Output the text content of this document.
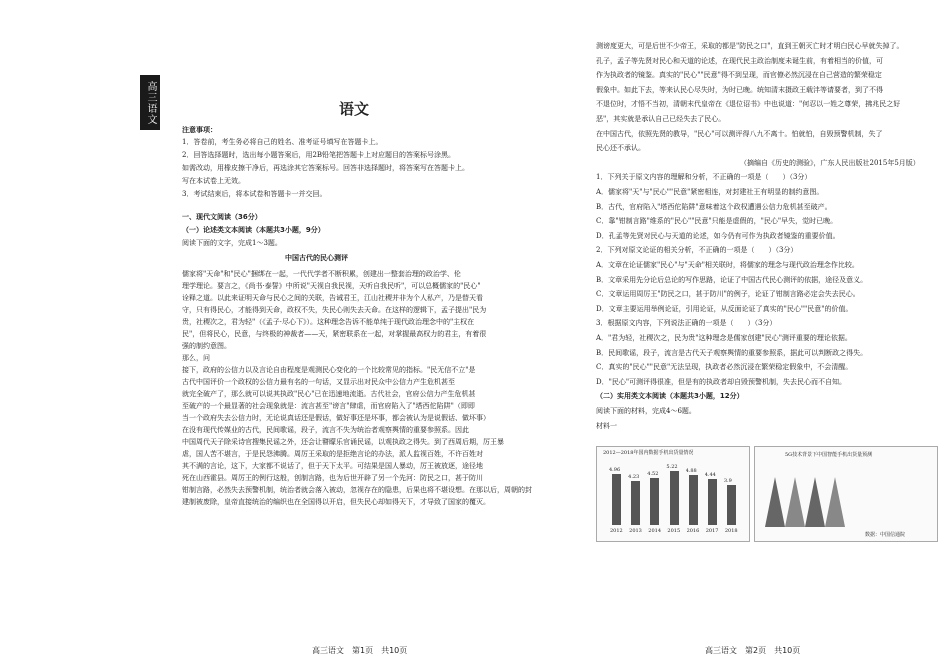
高三语文	语文
注意事项：
1．答卷前，考生务必将自己的姓名、准考证号填写在答题卡上。
2．回答选择题时，选出每小题答案后，用2B铅笔把答题卡上对应题目的答案标号涂黑。
如需改动，用橡皮擦干净后，再选涂其它答案标号。回答非选择题时，将答案写在答题卡上。
写在本试卷上无效。
3．考试结束后，将本试卷和答题卡一并交回。
一、现代文阅读（36分）
（一）论述类文本阅读（本题共3小题，9分）
阅读下面的文字，完成1～3题。
中国古代的民心测评
儒家将"天命"和"民心"捆绑在一起，一代代学者不断积累，创建出一整套治理的政治学、伦
理学理论。要言之，《尚书·泰誓》中所说"天视自我民视，天听自我民听"，可以总概儒家的"民心"
诠释之道。以此来证明天命与民心之间的关联，告诫君王，江山社稷并非为个人私产，乃是替天看
守，只有得民心，才能得到天命，政权不失，失民心则失去天命。在这样的逻辑下，孟子提出"民为
贵，社稷次之，君为轻"（《孟子·尽心下》）。这种理念告诉不能单纯于现代政治理念中的"主权在
民"，但将民心，民意，与终极的神裁者——天，紧密联系在一起，对掌握最高权力的君主，有着很
强的制约意图。
那么，问
接下，政府的公信力以及言论自由程度是观测民心变化的一个比较常见的指标。"民无信不立"是
古代中国评价一个政权的公信力最有名的一句话，又显示出对民众中公信力产生危机甚至
就完全破产了，那么就可以说其执政"民心"已在迅速地流逝。古代社会，官府公信力产生危机甚
至破产的一个最显著的社会现象就是：流言甚至"谤言"肆虐，而官府陷入了"塔西佗陷阱"（即即
当一个政府失去公信力时，无论说真话还是假话，做好事还是坏事，都会被认为是说假话、做坏事）
在没有现代传媒业的古代，民间歌谣，段子，流言不失为统治者观察舆情的重要参照系。因此
中国周代天子除采诗官搜集民谣之外，还会让瞽矇乐官诵民谣，以观执政之得失。到了西周后期，厉王暴
虐，国人苦不堪言，于是民怨沸腾。周厉王采取的是拒绝言论的办法，派人监视百姓，不许百姓对
其不满的言论，这下，大家都不说话了，但于天下太平。可结果是国人暴动，厉王被放逐，途径地
死在山西霍县。周厉王的例行这般，创制言路，也为后世开辟了另一个先河：防民之口，甚于防川
钳制言路，必然失去预警机制，统治者就会落入被动，忽视存在的隐患，后果也将不堪设想。在那以后，周朝的封
建制被废除，皇帝直接统治的编织也在全国得以开启，但失民心却如得天下，才导致了国家的覆灭。
测谤度更大，可是后世不少帝王，采取的都是"防民之口"，直到王朝灭亡时才明白民心早就失掉了。
孔子，孟子等先贤对民心和天道的论述，在现代民主政治制度未诞生前，有着相当的价值，可
作为执政者的镜鉴。真实的"民心""民意"得不到呈现，而官僚必然沉浸在自己营造的繁荣稳定
假象中。如此下去，等来认民心尽失时，为时已晚。统知清末摄政王载沣等请要者，到了不得
不退位时，才悟不当初，清朝末代皇帝在《退位诏书》中也说道："何忍以一姓之尊荣，拂兆民之好
恶"，其实就是承认自己已经失去了民心。
在中国古代，依照先贤的教导，"民心"可以测评得八九不离十。怕就怕，自毁预警机制，失了
民心还不承认。
（摘编自《历史的测验》，广东人民出版社2015年5月版）
1．下列关于原文内容的理解和分析，不正确的一项是（　　）（3分）
A．儒家将"天"与"民心""民意"紧密相连，对封建社王有明显的制约意图。
B．古代，官府陷入"塔西佗陷阱"意味着这个政权遭遇公信力危机甚至破产。
C．靠"钳制言路"维系的"民心""民意"只能是虚假的，"民心"早失，觉时已晚。
D．孔孟等先贤对民心与天道的论述，如今仍有可作为执政者镜鉴的重要价值。
2．下列对原文论证的相关分析，不正确的一项是（　　）（3分）
A．文章在论证儒家"民心"与"天命"相关联时，将儒家的理念与现代政治理念作比较。
B．文章采用先分论后总论的写作思路，论证了中国古代民心测评的依据，途径及意义。
C．文章运用周厉王"防民之口，甚于防川"的例子，论证了钳制言路必定会失去民心。
D．文章主要运用举例论证，引用论证，从反面论证了真实的"民心""民意"的价值。
3．根据原文内容，下列说法正确的一项是（　　）（3分）
A．"君为轻，社稷次之，民为贵"这种理念是儒家创建"民心"测评重要的理论依据。
B．民间歌谣，段子，流言是古代天子观察舆情的重要参照系，据此可以判断政之得失。
C．真实的"民心""民意"无法呈现，执政者必然沉浸在繁荣稳定假象中，不会清醒。
D．"民心"可测评得很准，但是有的执政者却自毁预警机制，失去民心而不自知。
（二）实用类文本阅读（本题共3小题，12分）
阅读下面的材料，完成4～6题。
材料一
2012—2018年国内数据手机出货量情况
4.96
4.23 4.52
5.22
4.88
4.44
3.9
2012 2013 2014 2015 2016 2017 2018
5G技术背景下中国智能手机出货量预测
数据：中国信通院
高三语文　第1页　共10页	高三语文　第2页　共10页
